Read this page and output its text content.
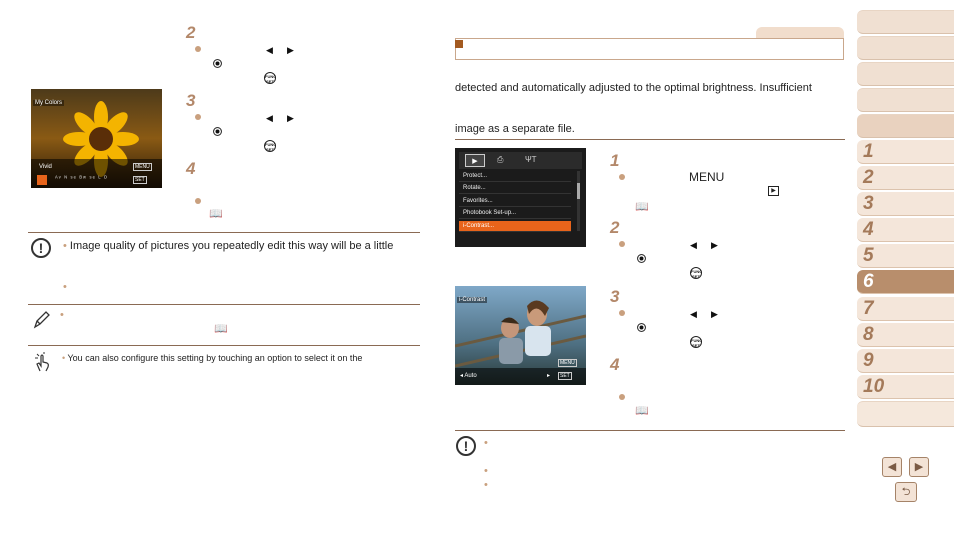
2
◀ ▶
FUNC
SET
3
◀ ▶
FUNC
SET
4
📖
My Colors
Vivid
ᴬᵛ ᴺ ˢᵉ ᴮʷ ˢᵉ ᴸ ᴰ
MENU
SET
!	• Image quality of pictures you repeatedly edit this way will be a little
•
•
📖
• You can also configure this setting by touching an option to select it on the
detected and automatically adjusted to the optimal brightness. Insufficient
image as a separate file.
▶	⎙	ΨΤ
Protect...
Rotate...
Favorites...
Photobook Set-up...
i-Contrast...
i-Contrast
MENU
◂ Auto	▸	SET
1
MENU
▶
📖
2
◀ ▶
FUNC
SET
3
◀ ▶
FUNC
SET
4
📖
!	•
•
•
1
2
3
4
5
6
7
8
9
10
◀	▶
⮌
